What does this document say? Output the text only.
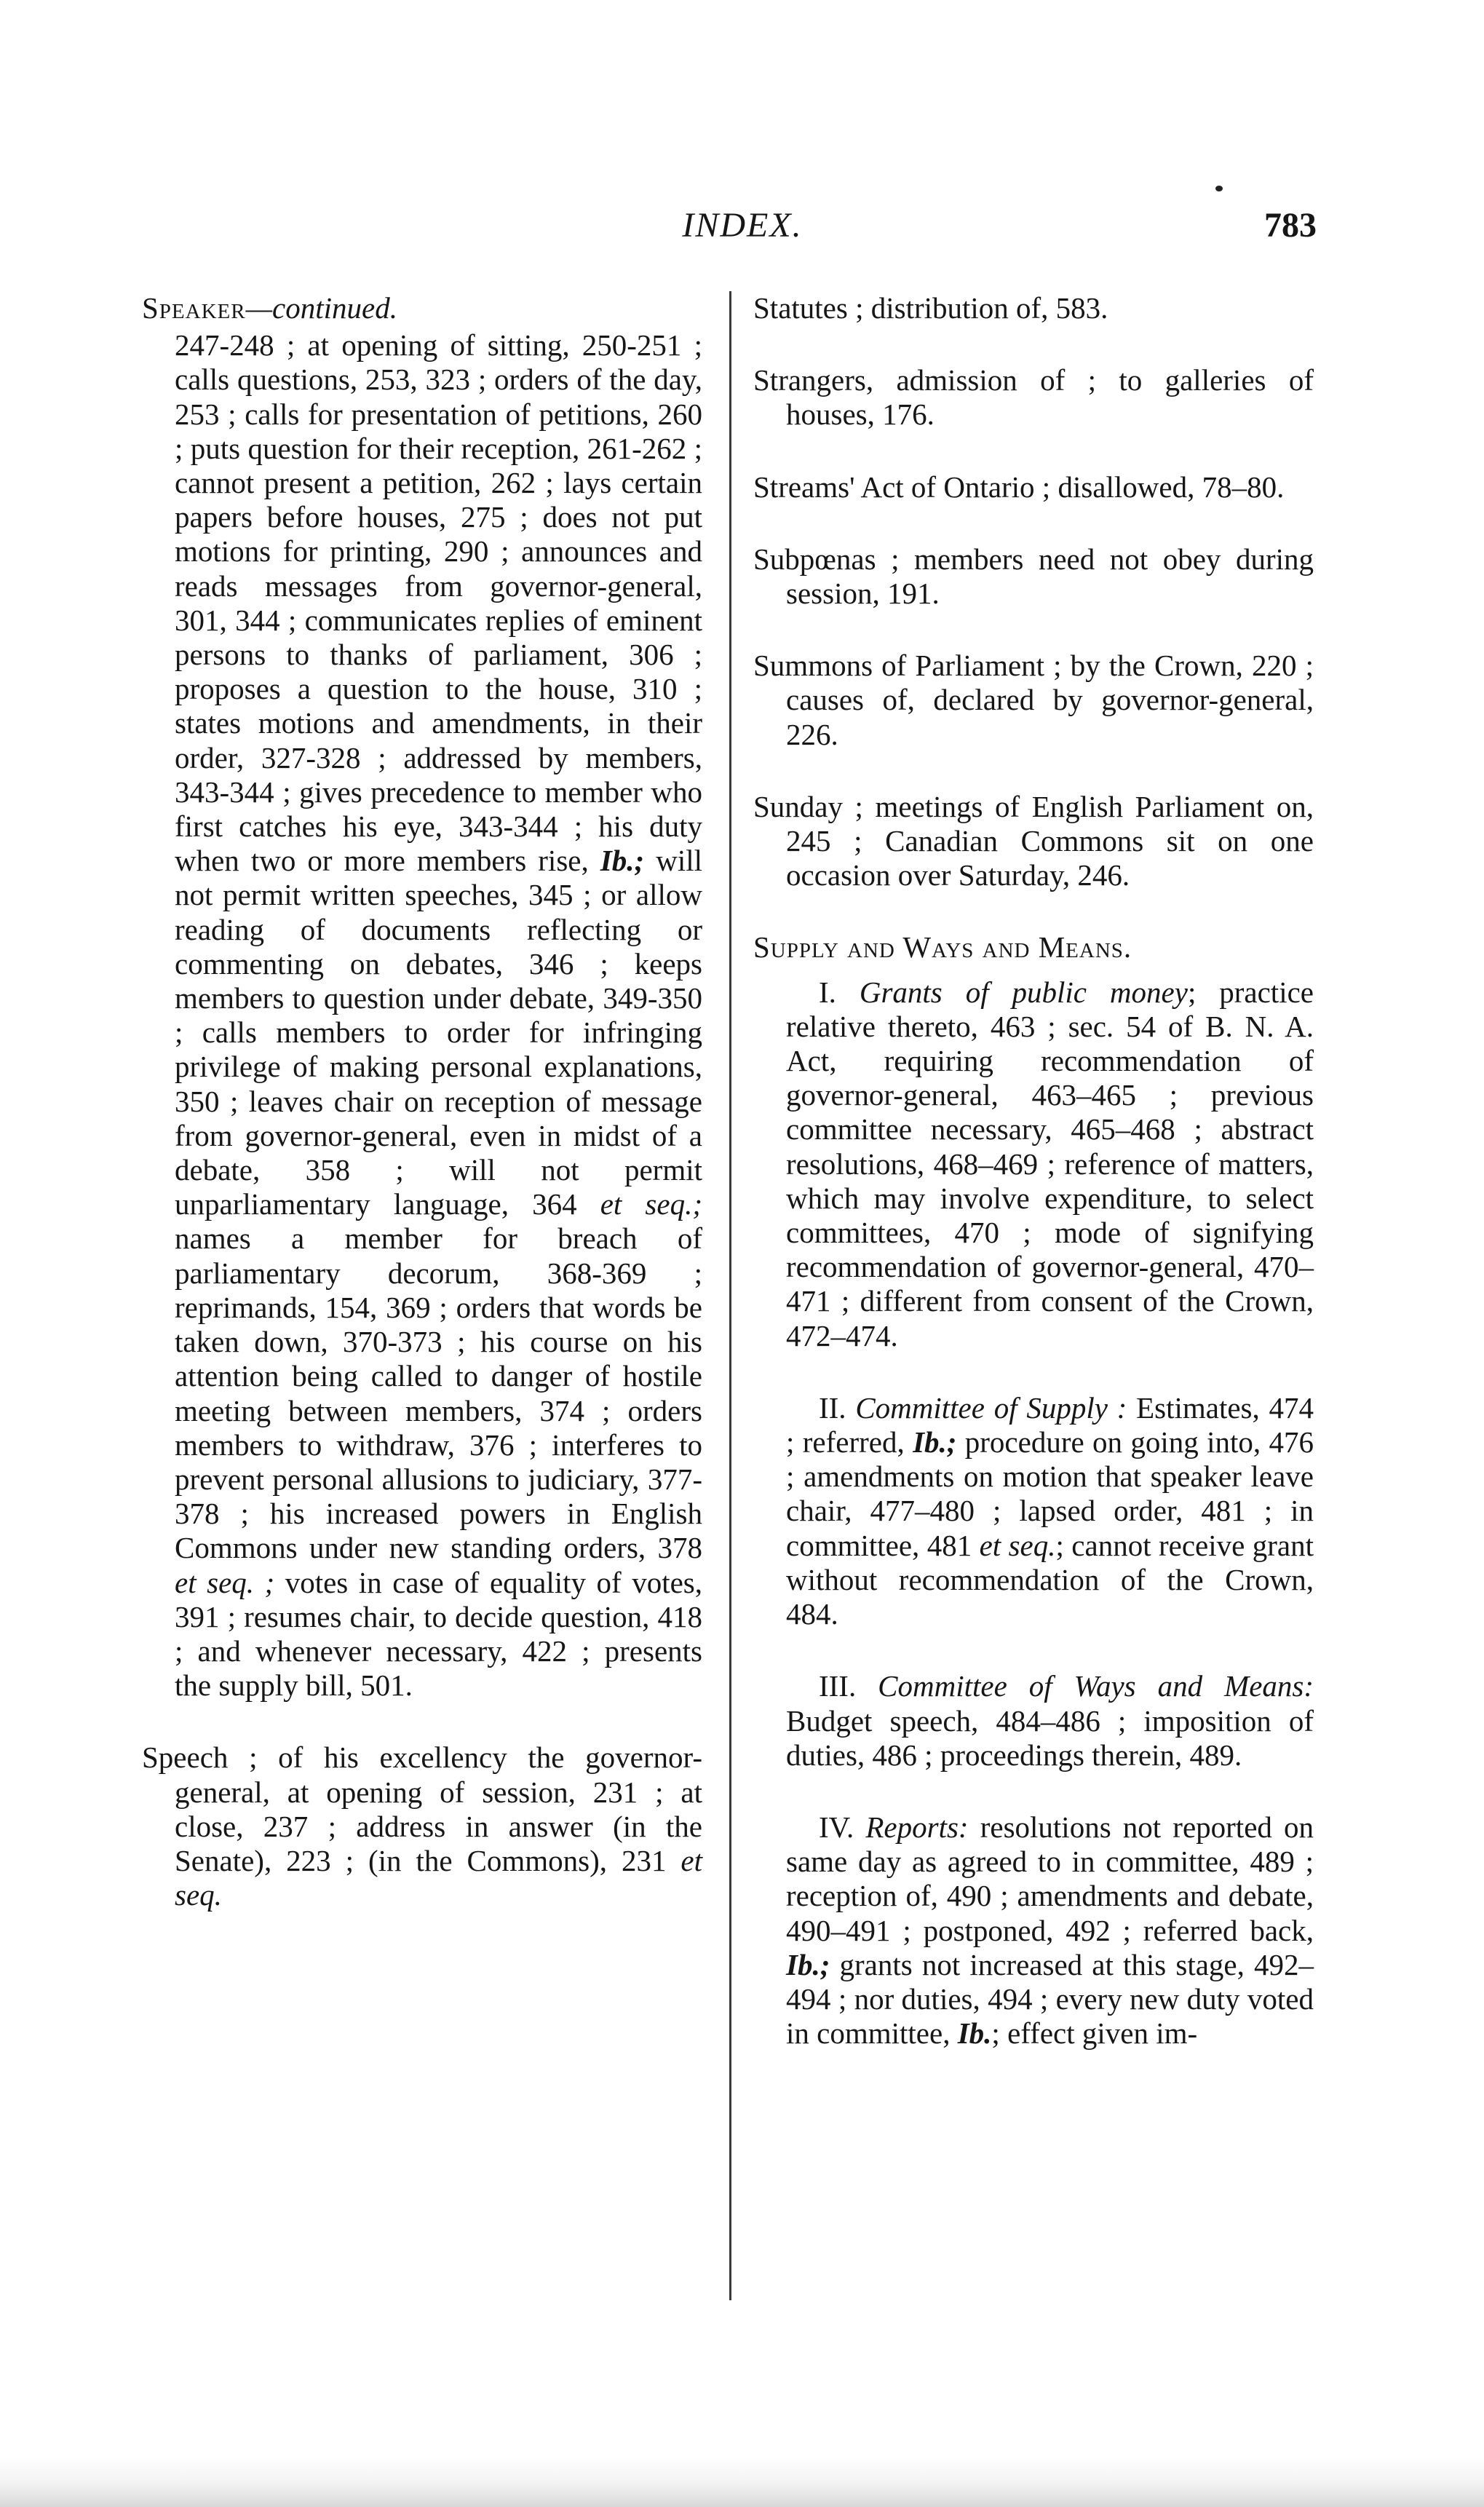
INDEX.	783
Speaker—continued.
247-248 ; at opening of sitting, 250-251 ; calls questions, 253, 323 ; orders of the day, 253 ; calls for presentation of petitions, 260 ; puts question for their reception, 261-262 ; cannot present a petition, 262 ; lays certain papers before houses, 275 ; does not put motions for printing, 290 ; announces and reads messages from governor-general, 301, 344 ; communicates replies of eminent persons to thanks of parliament, 306 ; proposes a question to the house, 310 ; states motions and amendments, in their order, 327-328 ; addressed by members, 343-344 ; gives precedence to member who first catches his eye, 343-344 ; his duty when two or more members rise, Ib.; will not permit written speeches, 345 ; or allow reading of documents reflecting or commenting on debates, 346 ; keeps members to question under debate, 349-350 ; calls members to order for infringing privilege of making personal explanations, 350 ; leaves chair on reception of message from governor-general, even in midst of a debate, 358 ; will not permit unparliamentary language, 364 et seq.; names a member for breach of parliamentary decorum, 368-369 ; reprimands, 154, 369 ; orders that words be taken down, 370-373 ; his course on his attention being called to danger of hostile meeting between members, 374 ; orders members to withdraw, 376 ; interferes to prevent personal allusions to judiciary, 377-378 ; his increased powers in English Commons under new standing orders, 378 et seq. ; votes in case of equality of votes, 391 ; resumes chair, to decide question, 418 ; and whenever necessary, 422 ; presents the supply bill, 501.
Speech ; of his excellency the governor-general, at opening of session, 231 ; at close, 237 ; address in answer (in the Senate), 223 ; (in the Commons), 231 et seq.
Statutes ; distribution of, 583.
Strangers, admission of ; to galleries of houses, 176.
Streams' Act of Ontario ; disallowed, 78–80.
Subpœnas ; members need not obey during session, 191.
Summons of Parliament ; by the Crown, 220 ; causes of, declared by governor-general, 226.
Sunday ; meetings of English Parliament on, 245 ; Canadian Commons sit on one occasion over Saturday, 246.
Supply and Ways and Means.
I. Grants of public money; practice relative thereto, 463 ; sec. 54 of B. N. A. Act, requiring recommendation of governor-general, 463–465 ; previous committee necessary, 465–468 ; abstract resolutions, 468–469 ; reference of matters, which may involve expenditure, to select committees, 470 ; mode of signifying recommendation of governor-general, 470–471 ; different from consent of the Crown, 472–474.
II. Committee of Supply : Estimates, 474 ; referred, Ib.; procedure on going into, 476 ; amendments on motion that speaker leave chair, 477–480 ; lapsed order, 481 ; in committee, 481 et seq.; cannot receive grant without recommendation of the Crown, 484.
III. Committee of Ways and Means: Budget speech, 484–486 ; imposition of duties, 486 ; proceedings therein, 489.
IV. Reports: resolutions not reported on same day as agreed to in committee, 489 ; reception of, 490 ; amendments and debate, 490–491 ; postponed, 492 ; referred back, Ib.; grants not increased at this stage, 492–494 ; nor duties, 494 ; every new duty voted in committee, Ib.; effect given im-
